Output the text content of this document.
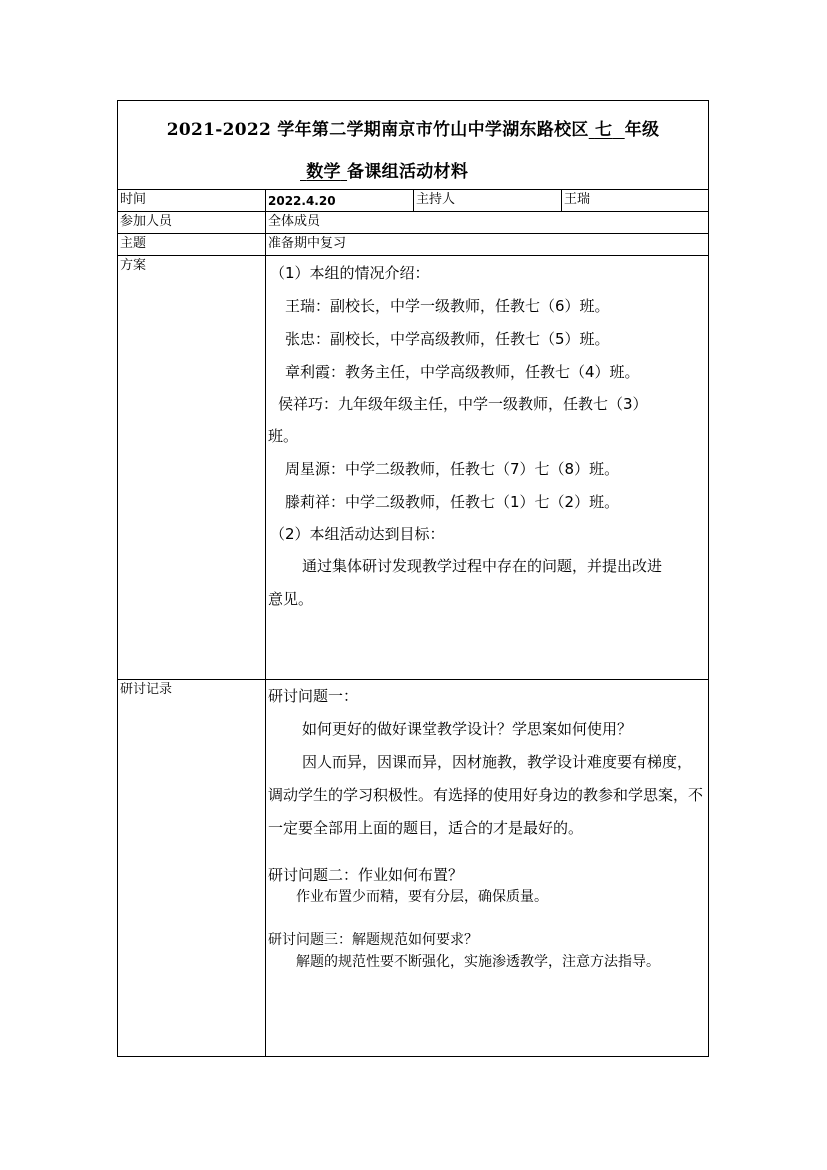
2021-2022 学年第二学期南京市竹山中学湖东路校区 七 年级
数学 备课组活动材料
时间	2022.4.20	主持人	王瑞
参加人员	全体成员
主题	准备期中复习
方案	（1）本组的情况介绍：
王瑞：副校长，中学一级教师，任教七（6）班。
张忠：副校长，中学高级教师，任教七（5）班。
章利霞：教务主任，中学高级教师，任教七（4）班。
侯祥巧：九年级年级主任，中学一级教师，任教七（3）
班。
周星源：中学二级教师，任教七（7）七（8）班。
滕莉祥：中学二级教师，任教七（1）七（2）班。
（2）本组活动达到目标：
通过集体研讨发现教学过程中存在的问题，并提出改进
意见。
研讨记录	研讨问题一：
如何更好的做好课堂教学设计？学思案如何使用？
因人而异，因课而异，因材施教，教学设计难度要有梯度，
调动学生的学习积极性。有选择的使用好身边的教参和学思案，不
一定要全部用上面的题目，适合的才是最好的。
研讨问题二：作业如何布置？
作业布置少而精，要有分层，确保质量。
研讨问题三：解题规范如何要求？
解题的规范性要不断强化，实施渗透教学，注意方法指导。
